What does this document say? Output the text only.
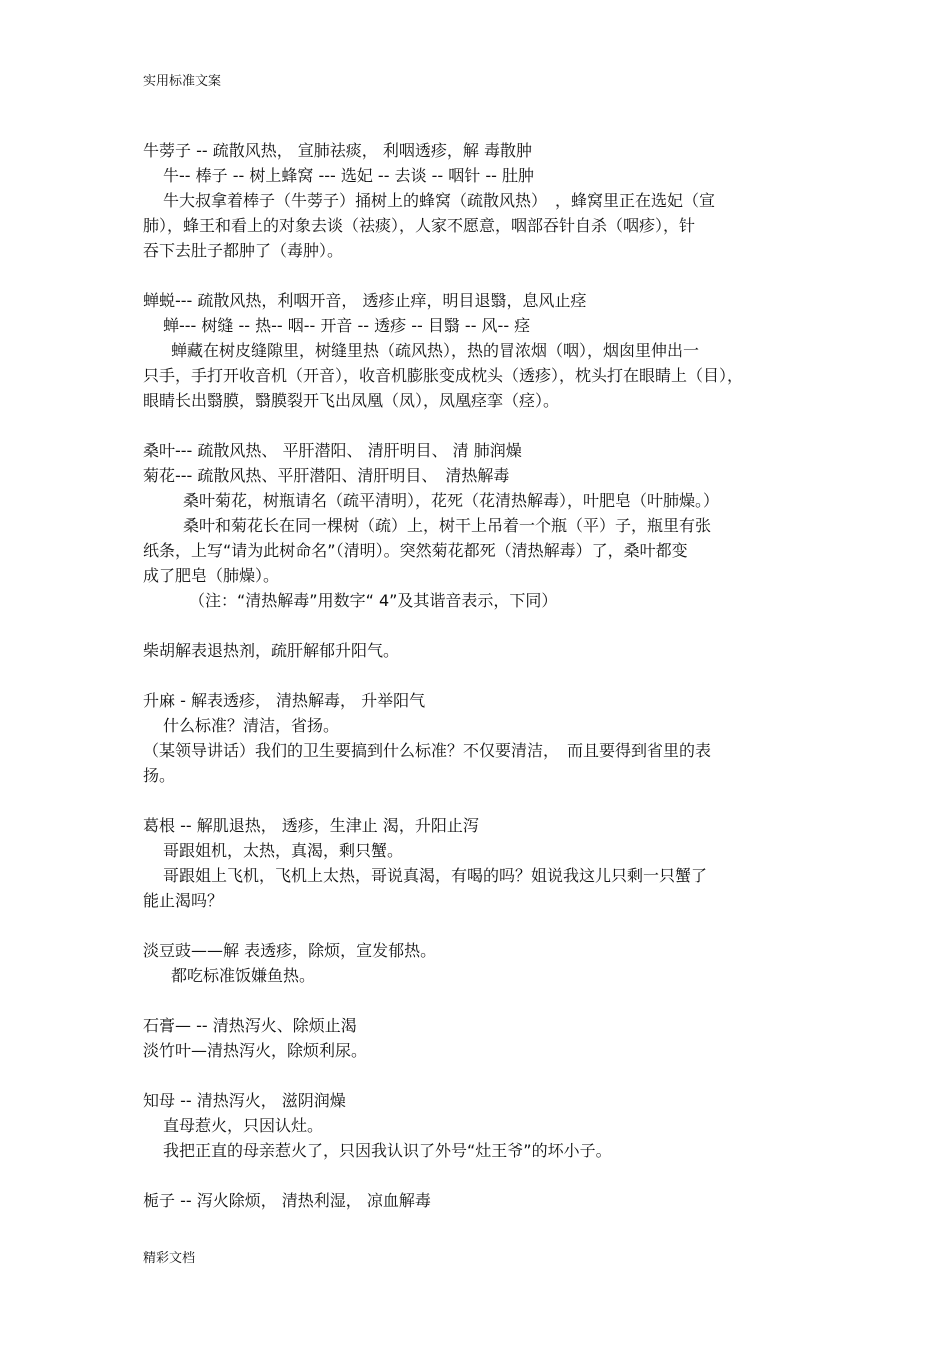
实用标准文案
牛蒡子 -- 疏散风热， 宣肺祛痰， 利咽透疹，解 毒散肿
牛-- 棒子 -- 树上蜂窝 --- 选妃 -- 去谈 -- 咽针 -- 肚肿
牛大叔拿着棒子（牛蒡子）捅树上的蜂窝（疏散风热）　，蜂窝里正在选妃（宣
肺），蜂王和看上的对象去谈（祛痰），人家不愿意，咽部吞针自杀（咽疹），针
吞下去肚子都肿了（毒肿）。
蝉蜕--- 疏散风热，利咽开音， 透疹止痒，明目退翳，息风止痉
蝉--- 树缝 -- 热-- 咽-- 开音 -- 透疹 -- 目翳 -- 风-- 痉
蝉藏在树皮缝隙里，树缝里热（疏风热），热的冒浓烟（咽），烟囱里伸出一
只手，手打开收音机（开音），收音机膨胀变成枕头（透疹），枕头打在眼睛上（目），
眼睛长出翳膜，翳膜裂开飞出凤凰（凤），凤凰痉挛（痉）。
桑叶--- 疏散风热、 平肝潜阳、 清肝明目、 清 肺润燥
菊花--- 疏散风热、平肝潜阳、清肝明目、　清热解毒
桑叶菊花，树瓶请名（疏平清明），花死（花清热解毒），叶肥皂（叶肺燥。）
桑叶和菊花长在同一棵树（疏）上，树干上吊着一个瓶（平）子，瓶里有张
纸条，上写“请为此树命名”（清明）。突然菊花都死（清热解毒）了，桑叶都变
成了肥皂（肺燥）。
（注：“清热解毒”用数字“ 4”及其谐音表示，下同）
柴胡解表退热剂，疏肝解郁升阳气。
升麻 - 解表透疹， 清热解毒， 升举阳气
什么标准？清洁，省扬。
（某领导讲话）我们的卫生要搞到什么标准？不仅要清洁，　而且要得到省里的表
扬。
葛根 -- 解肌退热， 透疹，生津止 渴，升阳止泻
哥跟姐机，太热，真渴，剩只蟹。
哥跟姐上飞机，飞机上太热，哥说真渴，有喝的吗？姐说我这儿只剩一只蟹了
能止渴吗？
淡豆豉——解 表透疹，除烦，宣发郁热。
都吃标准饭嫌鱼热。
石膏— -- 清热泻火、除烦止渴
淡竹叶—清热泻火，除烦利尿。
知母 -- 清热泻火， 滋阴润燥
直母惹火，只因认灶。
我把正直的母亲惹火了，只因我认识了外号“灶王爷”的坏小子。
栀子 -- 泻火除烦， 清热利湿， 凉血解毒
精彩文档
